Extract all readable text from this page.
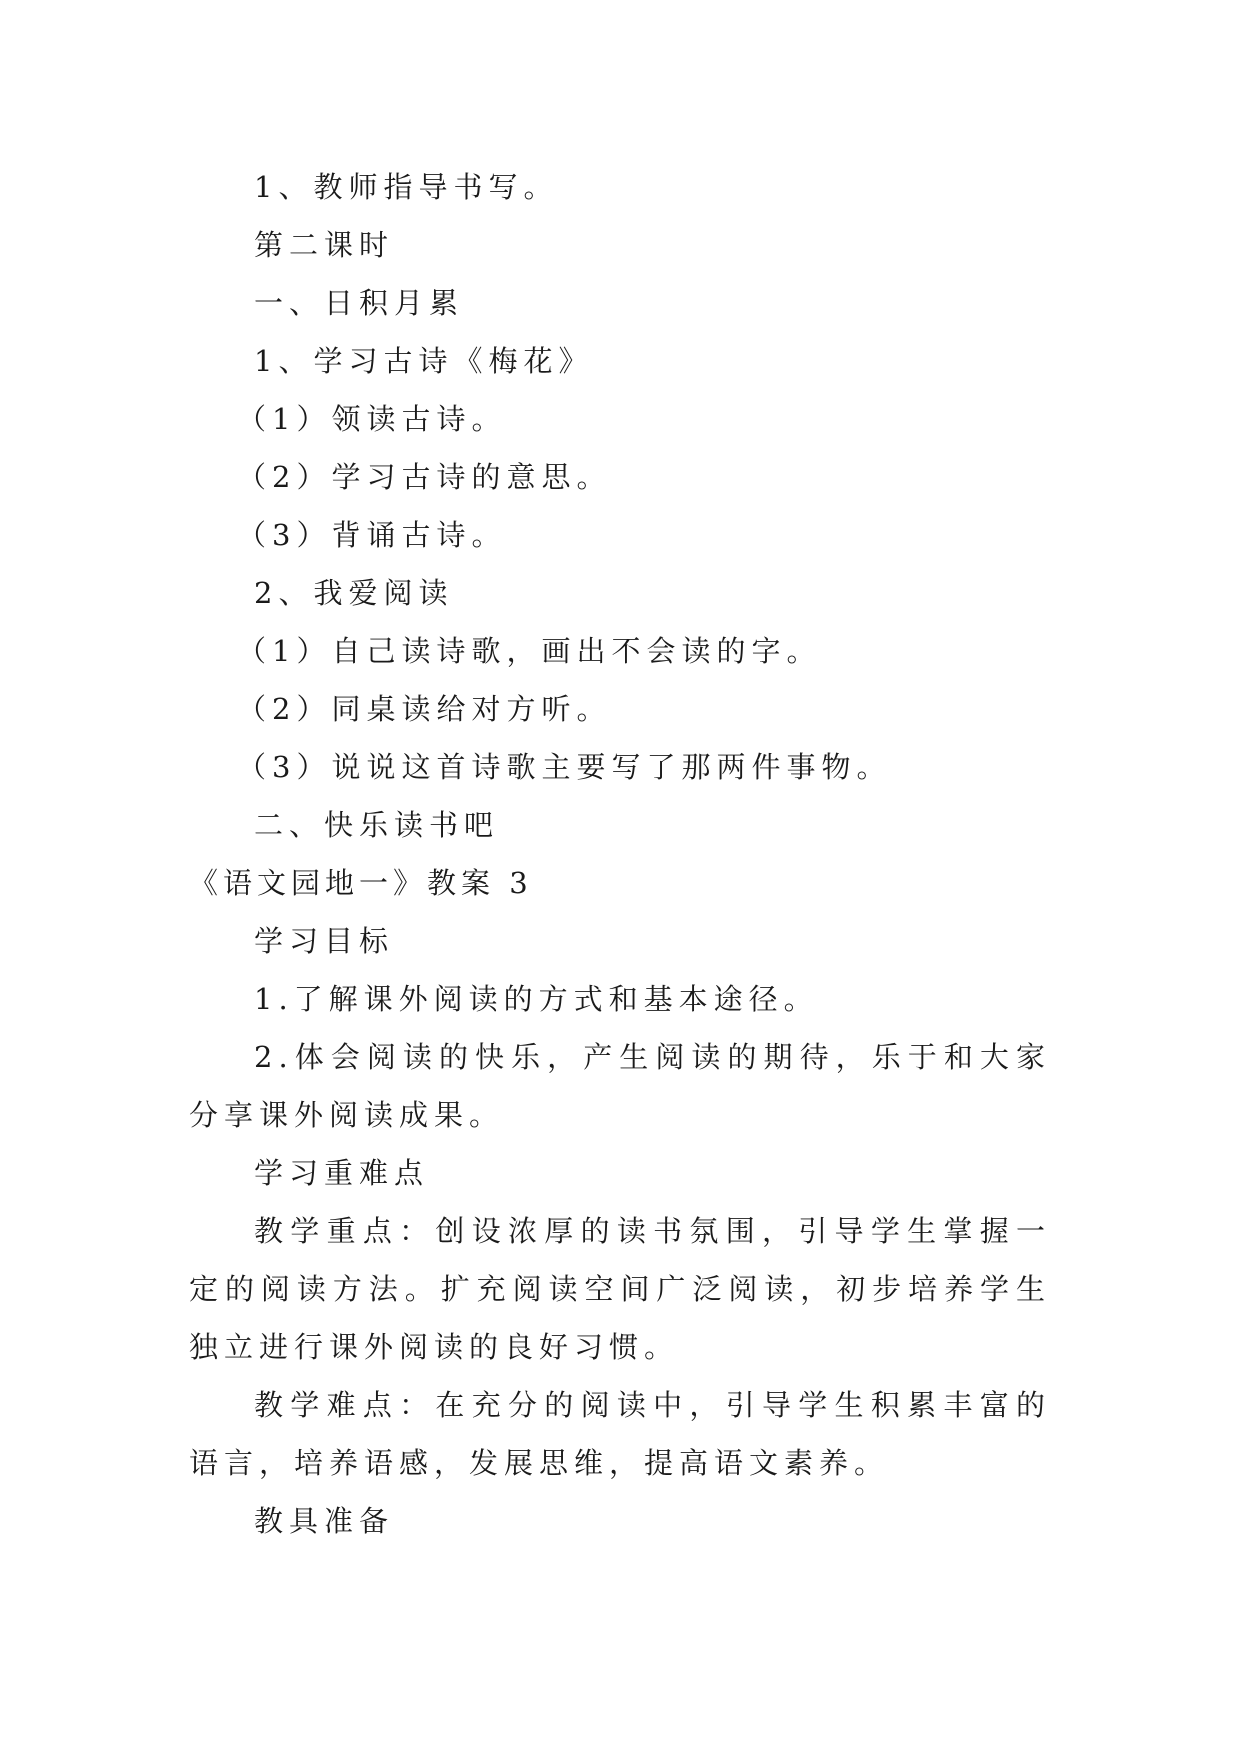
1、教师指导书写。

第二课时

一、日积月累

1、学习古诗《梅花》

（1）领读古诗。

（2）学习古诗的意思。

（3）背诵古诗。

2、我爱阅读

（1）自己读诗歌，画出不会读的字。

（2）同桌读给对方听。

（3）说说这首诗歌主要写了那两件事物。

二、快乐读书吧

《语文园地一》教案 3

学习目标

1.了解课外阅读的方式和基本途径。

2.体会阅读的快乐，产生阅读的期待，乐于和大家分享课外阅读成果。

学习重难点

教学重点：创设浓厚的读书氛围，引导学生掌握一定的阅读方法。扩充阅读空间广泛阅读，初步培养学生独立进行课外阅读的良好习惯。

教学难点：在充分的阅读中，引导学生积累丰富的语言，培养语感，发展思维，提高语文素养。

教具准备
